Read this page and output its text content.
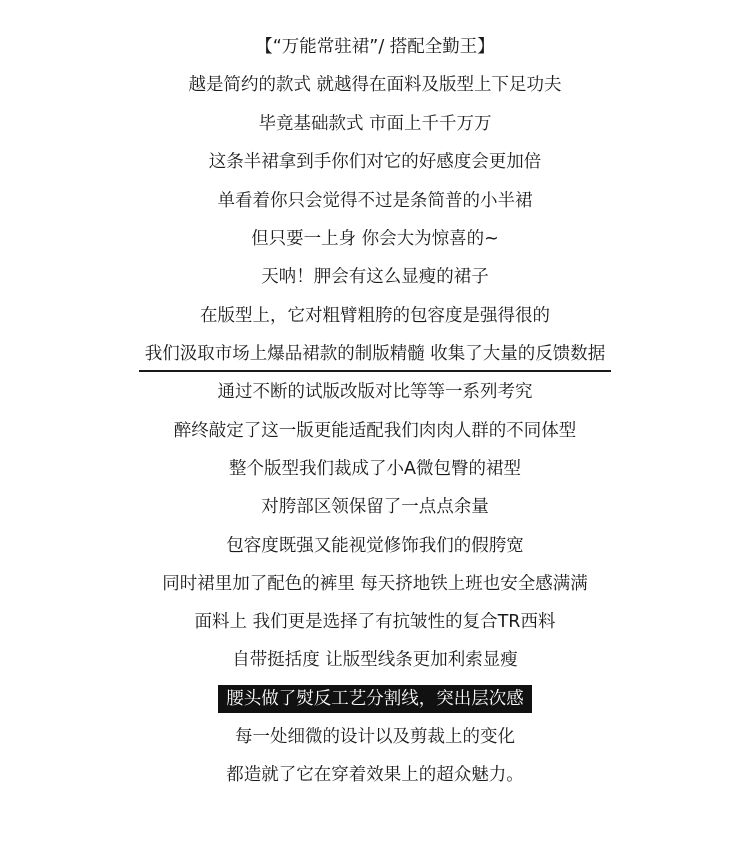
【“万能常驻裙”/ 搭配全勤王】
越是简约的款式 就越得在面料及版型上下足功夫
毕竟基础款式 市面上千千万万
这条半裙拿到手你们对它的好感度会更加倍
单看着你只会觉得不过是条简普的小半裙
但只要一上身 你会大为惊喜的~
天呐！胛会有这么显瘦的裙子
在版型上，它对粗臂粗胯的包容度是强得很的
我们汲取市场上爆品裙款的制版精髓 收集了大量的反馈数据
通过不断的试版改版对比等等一系列考究
醉终敲定了这一版更能适配我们肉肉人群的不同体型
整个版型我们裁成了小A微包臀的裙型
对胯部区领保留了一点点余量
包容度既强又能视觉修饰我们的假胯宽
同时裙里加了配色的裤里 每天挤地铁上班也安全感满满
面料上 我们更是选择了有抗皱性的复合TR西料
自带挺括度 让版型线条更加利索显瘦
腰头做了熨反工艺分割线，突出层次感
每一处细微的设计以及剪裁上的变化
都造就了它在穿着效果上的超众魅力。
